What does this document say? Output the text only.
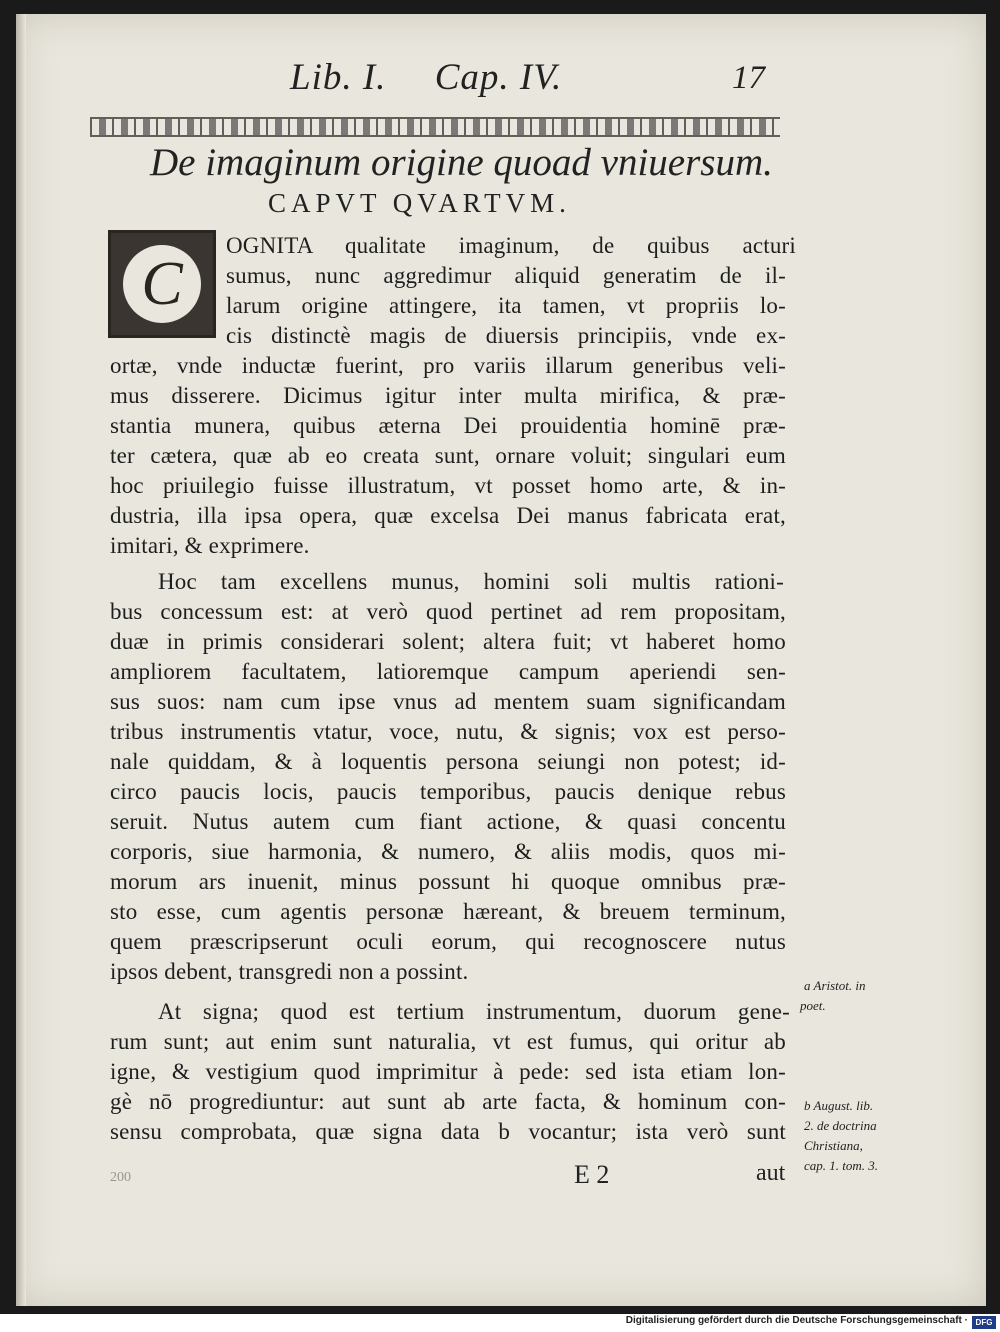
Lib. I. Cap. IV.	17
De imaginum origine quoad vniuersum.
CAPVT QVARTVM.
C
OGNITA qualitate imaginum, de quibus acturi
sumus, nunc aggredimur aliquid generatim de il-
larum origine attingere, ita tamen, vt propriis lo-
cis distinctè magis de diuersis principiis, vnde ex-
ortæ, vnde inductæ fuerint, pro variis illarum generibus veli-
mus disserere. Dicimus igitur inter multa mirifica, & præ-
stantia munera, quibus æterna Dei prouidentia hominē præ-
ter cætera, quæ ab eo creata sunt, ornare voluit; singulari eum
hoc priuilegio fuisse illustratum, vt posset homo arte, & in-
dustria, illa ipsa opera, quæ excelsa Dei manus fabricata erat,
imitari, & exprimere.
Hoc tam excellens munus, homini soli multis rationi-
bus concessum est: at verò quod pertinet ad rem propositam,
duæ in primis considerari solent; altera fuit; vt haberet homo
ampliorem facultatem, latioremque campum aperiendi sen-
sus suos: nam cum ipse vnus ad mentem suam significandam
tribus instrumentis vtatur, voce, nutu, & signis; vox est perso-
nale quiddam, & à loquentis persona seiungi non potest; id-
circo paucis locis, paucis temporibus, paucis denique rebus
seruit. Nutus autem cum fiant actione, & quasi concentu
corporis, siue harmonia, & numero, & aliis modis, quos mi-
morum ars inuenit, minus possunt hi quoque omnibus præ-
sto esse, cum agentis personæ hæreant, & breuem terminum,
quem præscripserunt oculi eorum, qui recognoscere nutus
ipsos debent, transgredi non a possint.
At signa; quod est tertium instrumentum, duorum gene-
rum sunt; aut enim sunt naturalia, vt est fumus, qui oritur ab
igne, & vestigium quod imprimitur à pede: sed ista etiam lon-
gè nō progrediuntur: aut sunt ab arte facta, & hominum con-
sensu comprobata, quæ signa data b vocantur; ista verò sunt
a Aristot. in
poet.
b August. lib.
2. de doctrina
Christiana,
cap. 1. tom. 3.
200	E 2	aut
Digitalisierung gefördert durch die Deutsche Forschungsgemeinschaft · DFG
